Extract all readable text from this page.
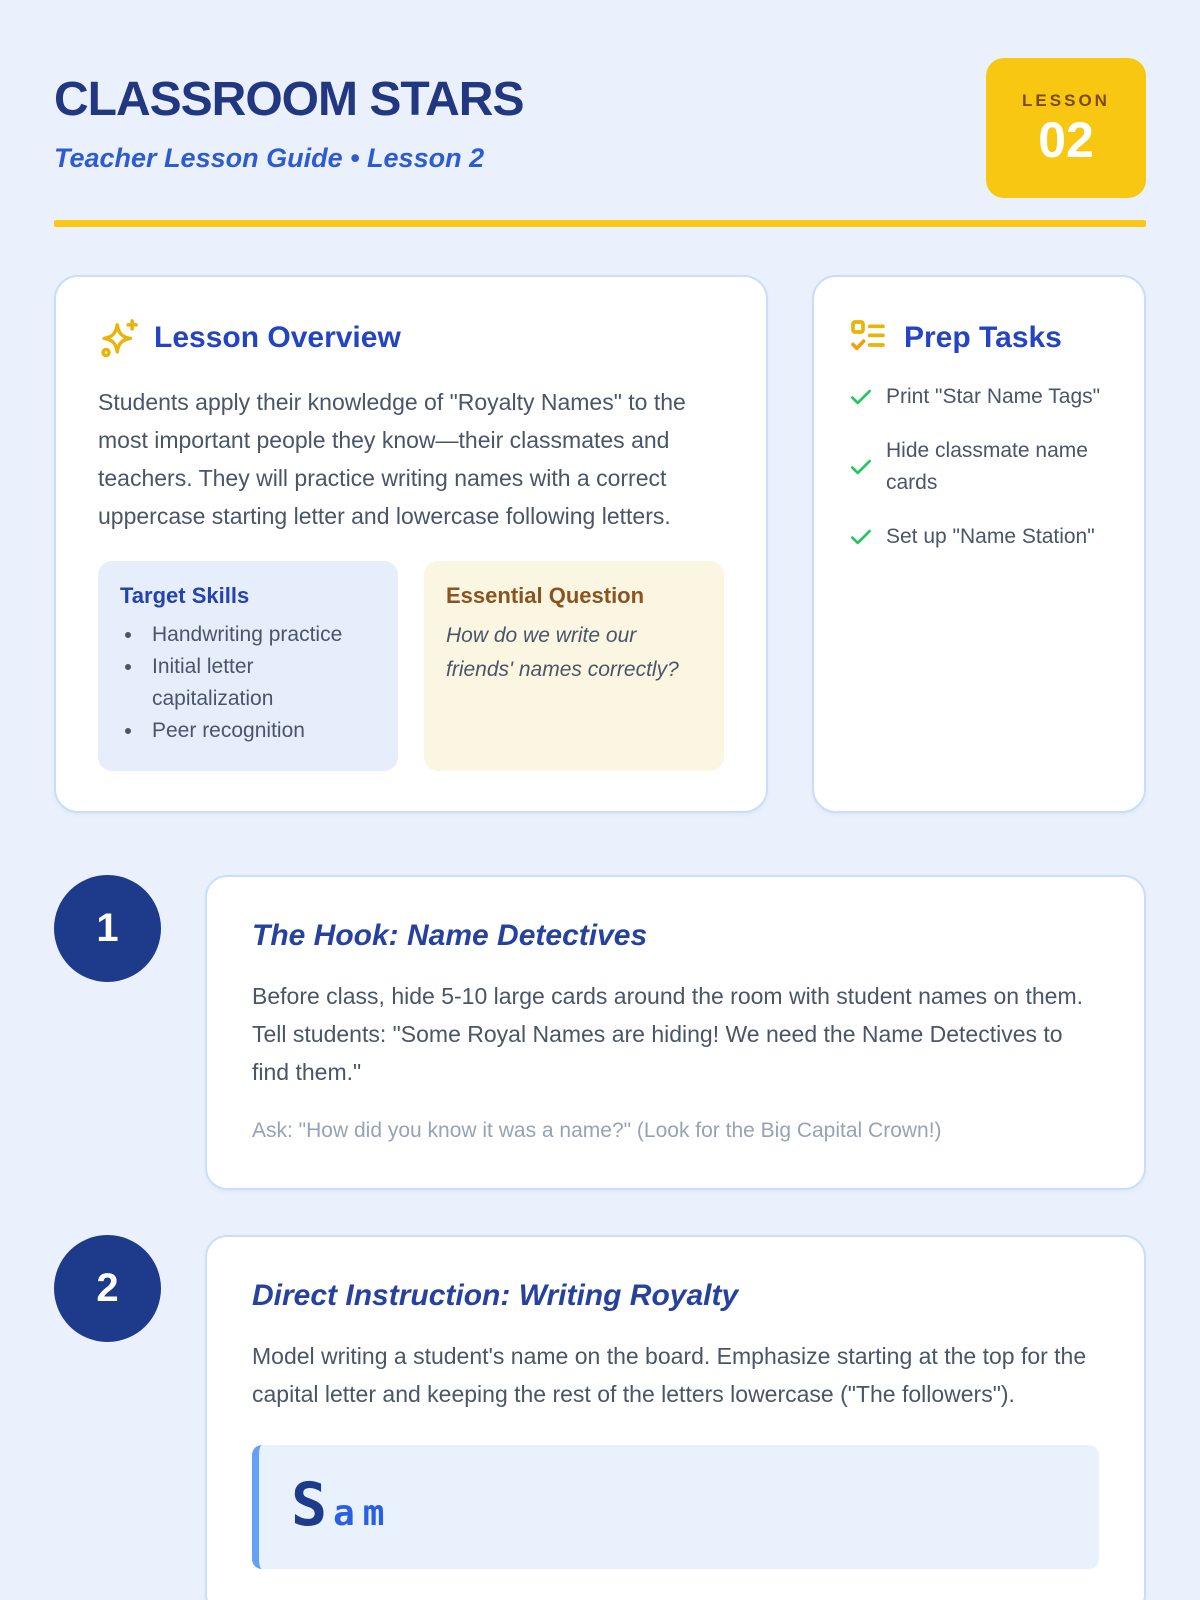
CLASSROOM STARS
Teacher Lesson Guide • Lesson 2
LESSON
02
Lesson Overview

Students apply their knowledge of "Royalty Names" to the most important people they know—their classmates and teachers. They will practice writing names with a correct uppercase starting letter and lowercase following letters.

Target Skills
• Handwriting practice
• Initial letter capitalization
• Peer recognition
Essential Question
How do we write our friends' names correctly?
Prep Tasks
Print "Star Name Tags"
Hide classmate name cards
Set up "Name Station"
1	The Hook: Name Detectives

Before class, hide 5-10 large cards around the room with student names on them. Tell students: "Some Royal Names are hiding! We need the Name Detectives to find them."

Ask: "How did you know it was a name?" (Look for the Big Capital Crown!)
2	Direct Instruction: Writing Royalty

Model writing a student's name on the board. Emphasize starting at the top for the capital letter and keeping the rest of the letters lowercase ("The followers").

S am
